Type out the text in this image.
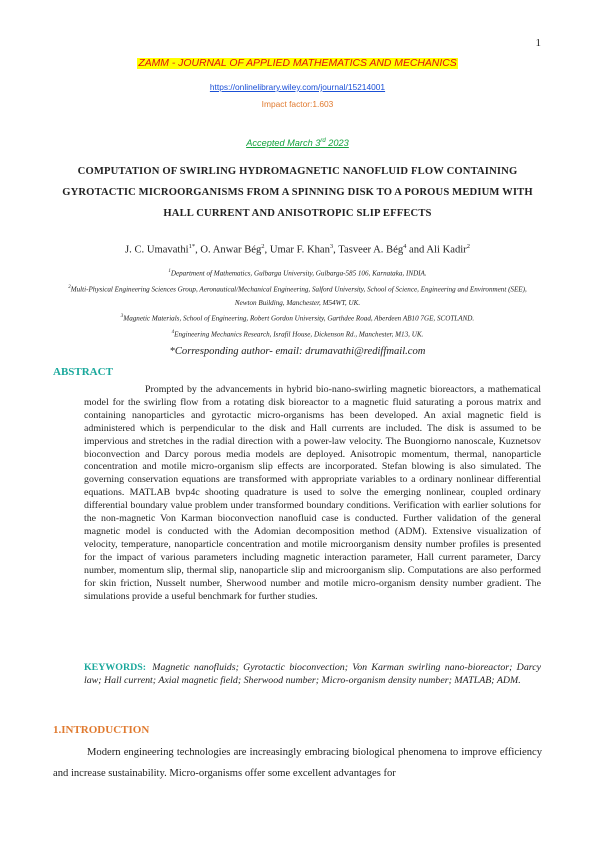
1
ZAMM - JOURNAL OF APPLIED MATHEMATICS AND MECHANICS
https://onlinelibrary.wiley.com/journal/15214001
Impact factor:1.603
Accepted March 3rd 2023
COMPUTATION OF SWIRLING HYDROMAGNETIC NANOFLUID FLOW CONTAINING GYROTACTIC MICROORGANISMS FROM A SPINNING DISK TO A POROUS MEDIUM WITH HALL CURRENT AND ANISOTROPIC SLIP EFFECTS
J. C. Umavathi$^{1*}$, O. Anwar Bég$^2$, Umar F. Khan$^3$, Tasveer A. Bég$^4$ and Ali Kadir$^2$
$^1$Department of Mathematics, Gulbarga University, Gulbarga-585 106, Karnataka, INDIA.
$^2$Multi-Physical Engineering Sciences Group, Aeronautical/Mechanical Engineering, Salford University, School of Science, Engineering and Environment (SEE), Newton Building, Manchester, M54WT, UK.
$^3$Magnetic Materials, School of Engineering, Robert Gordon University, Garthdee Road, Aberdeen AB10 7GE, SCOTLAND.
$^4$Engineering Mechanics Research, Israfil House, Dickenson Rd., Manchester, M13, UK.
*Corresponding author- email: drumavathi@rediffmail.com
ABSTRACT
Prompted by the advancements in hybrid bio-nano-swirling magnetic bioreactors, a mathematical model for the swirling flow from a rotating disk bioreactor to a magnetic fluid saturating a porous matrix and containing nanoparticles and gyrotactic micro-organisms has been developed. An axial magnetic field is administered which is perpendicular to the disk and Hall currents are included. The disk is assumed to be impervious and stretches in the radial direction with a power-law velocity. The Buongiorno nanoscale, Kuznetsov bioconvection and Darcy porous media models are deployed. Anisotropic momentum, thermal, nanoparticle concentration and motile micro-organism slip effects are incorporated. Stefan blowing is also simulated. The governing conservation equations are transformed with appropriate variables to a ordinary nonlinear differential equations. MATLAB bvp4c shooting quadrature is used to solve the emerging nonlinear, coupled ordinary differential boundary value problem under transformed boundary conditions. Verification with earlier solutions for the non-magnetic Von Karman bioconvection nanofluid case is conducted. Further validation of the general magnetic model is conducted with the Adomian decomposition method (ADM). Extensive visualization of velocity, temperature, nanoparticle concentration and motile microorganism density number profiles is presented for the impact of various parameters including magnetic interaction parameter, Hall current parameter, Darcy number, momentum slip, thermal slip, nanoparticle slip and microorganism slip. Computations are also performed for skin friction, Nusselt number, Sherwood number and motile micro-organism density number gradient. The simulations provide a useful benchmark for further studies.
KEYWORDS: Magnetic nanofluids; Gyrotactic bioconvection; Von Karman swirling nano-bioreactor; Darcy law; Hall current; Axial magnetic field; Sherwood number; Micro-organism density number; MATLAB; ADM.
1.INTRODUCTION
Modern engineering technologies are increasingly embracing biological phenomena to improve efficiency and increase sustainability. Micro-organisms offer some excellent advantages for
